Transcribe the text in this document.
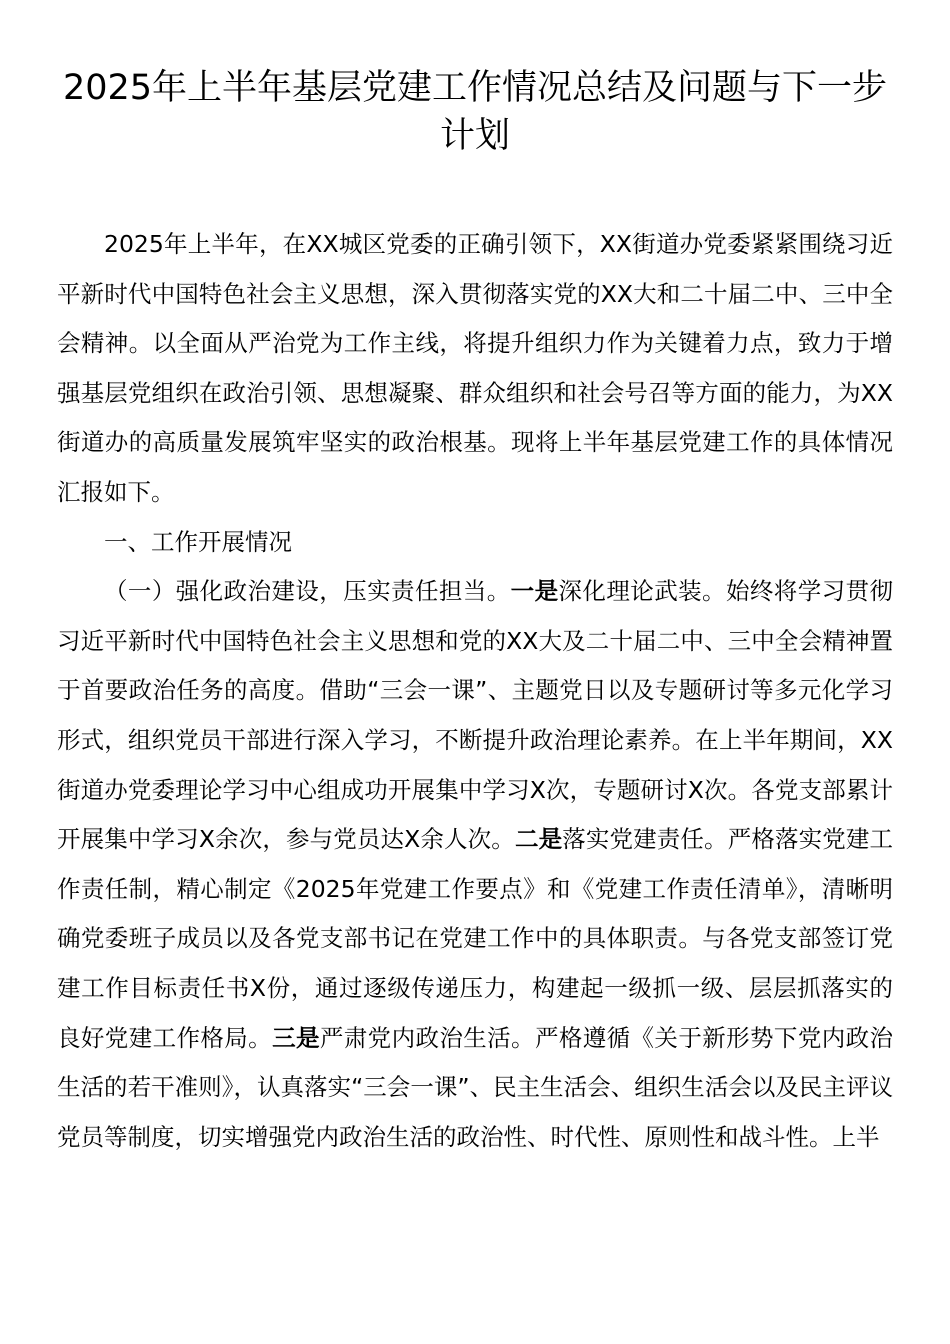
2025年上半年基层党建工作情况总结及问题与下一步计划

2025年上半年，在XX城区党委的正确引领下，XX街道办党委紧紧围绕习近平新时代中国特色社会主义思想，深入贯彻落实党的XX大和二十届二中、三中全会精神。以全面从严治党为工作主线，将提升组织力作为关键着力点，致力于增强基层党组织在政治引领、思想凝聚、群众组织和社会号召等方面的能力，为XX街道办的高质量发展筑牢坚实的政治根基。现将上半年基层党建工作的具体情况汇报如下。

一、工作开展情况

（一）强化政治建设，压实责任担当。一是深化理论武装。始终将学习贯彻习近平新时代中国特色社会主义思想和党的XX大及二十届二中、三中全会精神置于首要政治任务的高度。借助“三会一课”、主题党日以及专题研讨等多元化学习形式，组织党员干部进行深入学习，不断提升政治理论素养。在上半年期间，XX街道办党委理论学习中心组成功开展集中学习X次，专题研讨X次。各党支部累计开展集中学习X余次，参与党员达X余人次。二是落实党建责任。严格落实党建工作责任制，精心制定《2025年党建工作要点》和《党建工作责任清单》，清晰明确党委班子成员以及各党支部书记在党建工作中的具体职责。与各党支部签订党建工作目标责任书X份，通过逐级传递压力，构建起一级抓一级、层层抓落实的良好党建工作格局。三是严肃党内政治生活。严格遵循《关于新形势下党内政治生活的若干准则》，认真落实“三会一课”、民主生活会、组织生活会以及民主评议党员等制度，切实增强党内政治生活的政治性、时代性、原则性和战斗性。上半
